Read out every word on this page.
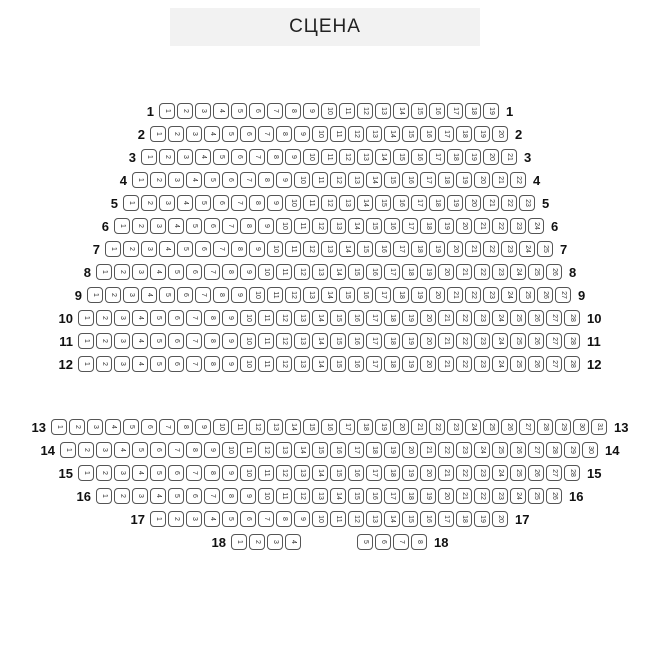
СЦЕНА
1	1	2	3	4	5	6	7	8	9	10	11	12	13	14	15	16	17	18	19 1
2	1	2	3	4	5	6	7	8	9	10	11	12	13	14	15	16	17	18	19	20 2
3	1	2	3	4	5	6	7	8	9	10	11	12	13	14	15	16	17	18	19	20	21 3
4	1	2	3	4	5	6	7	8	9	10	11	12	13	14	15	16	17	18	19	20	21	22 4
5	1	2	3	4	5	6	7	8	9	10	11	12	13	14	15	16	17	18	19	20	21	22	23 5
6	1	2	3	4	5	6	7	8	9	10	11	12	13	14	15	16	17	18	19	20	21	22	23	24 6
7	1	2	3	4	5	6	7	8	9	10	11	12	13	14	15	16	17	18	19	20	21	22	23	24	25 7
8	1	2	3	4	5	6	7	8	9	10	11	12	13	14	15	16	17	18	19	20	21	22	23	24	25	26 8
9	1	2	3	4	5	6	7	8	9	10	11	12	13	14	15	16	17	18	19	20	21	22	23	24	25	26	27 9
10	1	2	3	4	5	6	7	8	9	10	11	12	13	14	15	16	17	18	19	20	21	22	23	24	25	26	27	28 10
11	1	2	3	4	5	6	7	8	9	10	11	12	13	14	15	16	17	18	19	20	21	22	23	24	25	26	27	28 11
12	1	2	3	4	5	6	7	8	9	10	11	12	13	14	15	16	17	18	19	20	21	22	23	24	25	26	27	28 12
13	1	2	3	4	5	6	7	8	9	10	11	12	13	14	15	16	17	18	19	20	21	22	23	24	25	26	27	28	29	30	31 13
14	1	2	3	4	5	6	7	8	9	10	11	12	13	14	15	16	17	18	19	20	21	22	23	24	25	26	27	28	29	30 14
15	1	2	3	4	5	6	7	8	9	10	11	12	13	14	15	16	17	18	19	20	21	22	23	24	25	26	27	28 15
16	1	2	3	4	5	6	7	8	9	10	11	12	13	14	15	16	17	18	19	20	21	22	23	24	25	26 16
17	1	2	3	4	5	6	7	8	9	10	11	12	13	14	15	16	17	18	19	20 17
18	1	2	3	4	5	6	7	8 18
